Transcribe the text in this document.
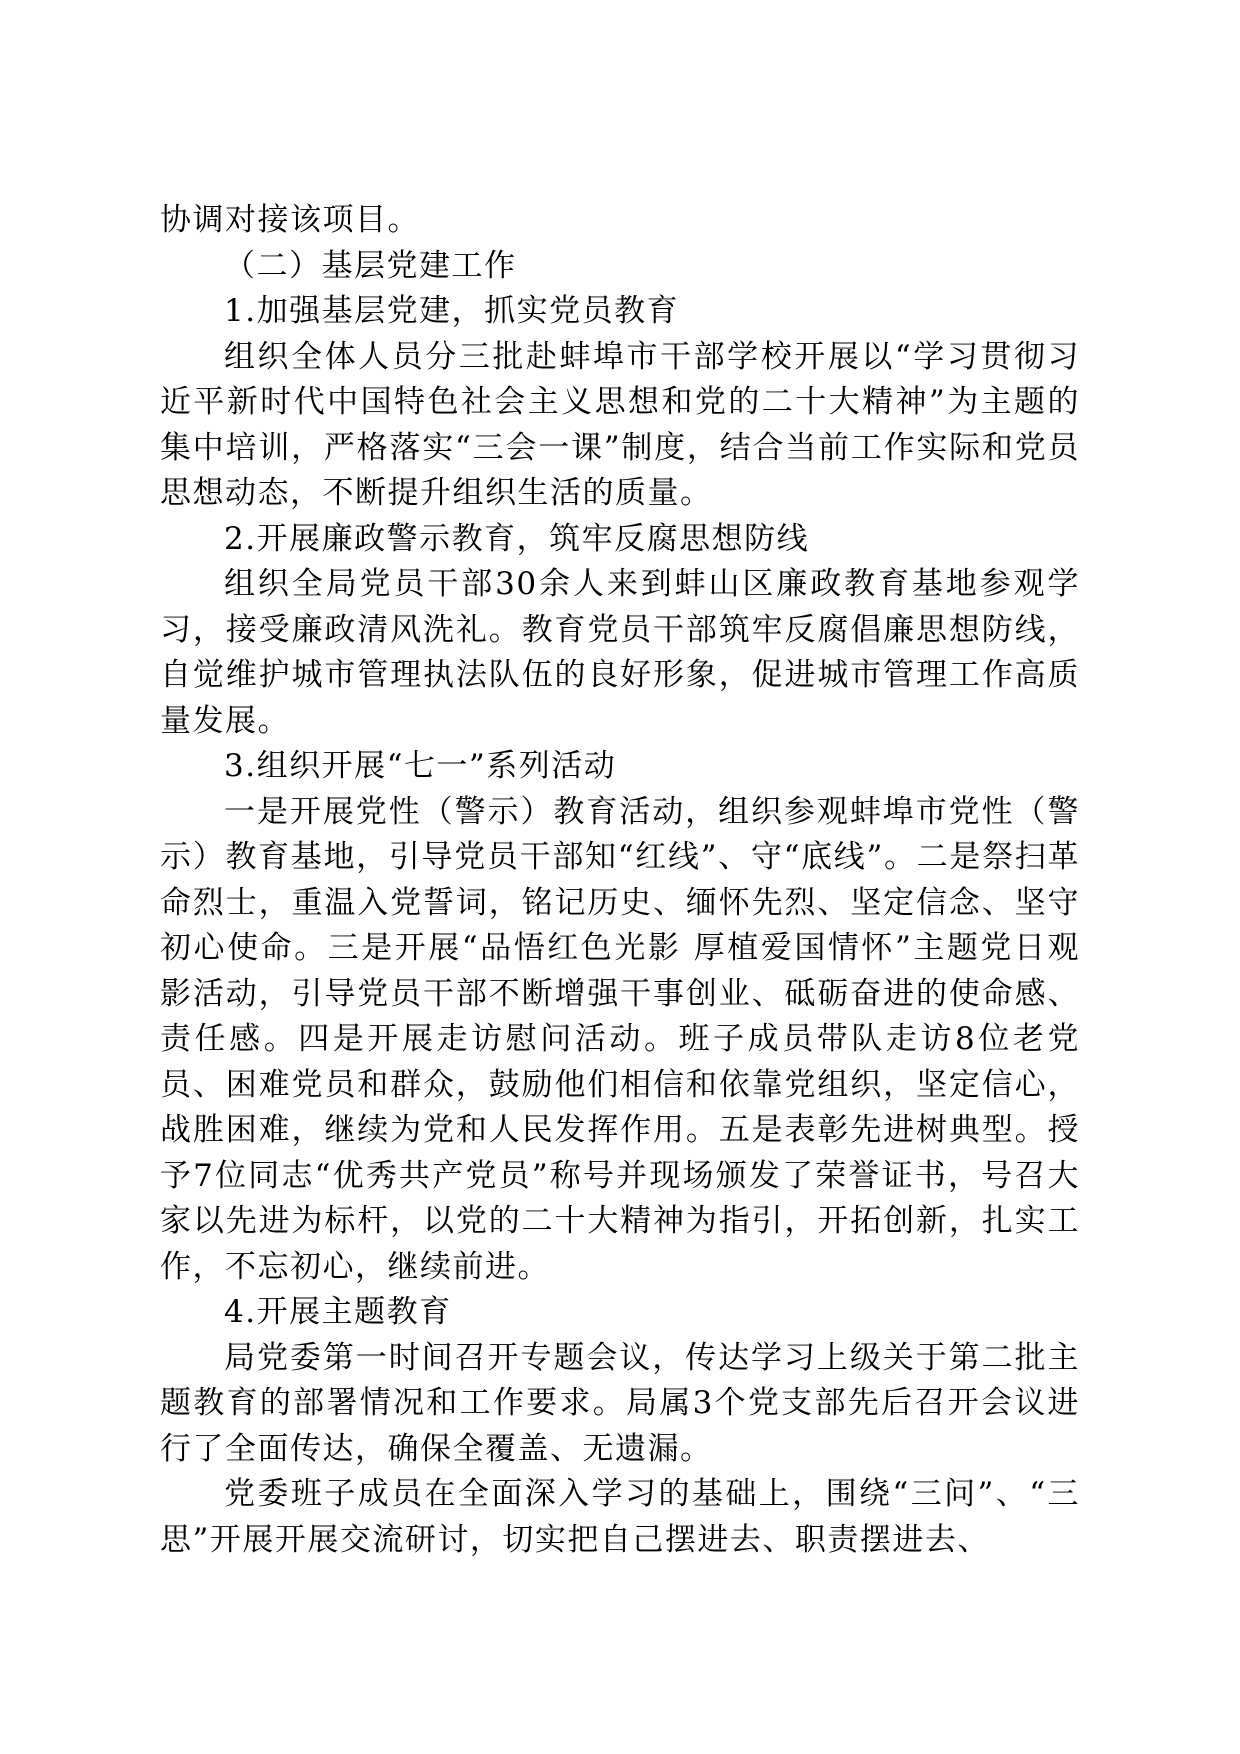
协调对接该项目。

（二）基层党建工作

1.加强基层党建，抓实党员教育

组织全体人员分三批赴蚌埠市干部学校开展以“学习贯彻习近平新时代中国特色社会主义思想和党的二十大精神”为主题的集中培训，严格落实“三会一课”制度，结合当前工作实际和党员思想动态，不断提升组织生活的质量。

2.开展廉政警示教育，筑牢反腐思想防线

组织全局党员干部30余人来到蚌山区廉政教育基地参观学习，接受廉政清风洗礼。教育党员干部筑牢反腐倡廉思想防线，自觉维护城市管理执法队伍的良好形象，促进城市管理工作高质量发展。

3.组织开展“七一”系列活动

一是开展党性（警示）教育活动，组织参观蚌埠市党性（警示）教育基地，引导党员干部知“红线”、守“底线”。二是祭扫革命烈士，重温入党誓词，铭记历史、缅怀先烈、坚定信念、坚守初心使命。三是开展“品悟红色光影 厚植爱国情怀”主题党日观影活动，引导党员干部不断增强干事创业、砥砺奋进的使命感、责任感。四是开展走访慰问活动。班子成员带队走访8位老党员、困难党员和群众，鼓励他们相信和依靠党组织，坚定信心，战胜困难，继续为党和人民发挥作用。五是表彰先进树典型。授予7位同志“优秀共产党员”称号并现场颁发了荣誉证书，号召大家以先进为标杆，以党的二十大精神为指引，开拓创新，扎实工作，不忘初心，继续前进。

4.开展主题教育

局党委第一时间召开专题会议，传达学习上级关于第二批主题教育的部署情况和工作要求。局属3个党支部先后召开会议进行了全面传达，确保全覆盖、无遗漏。

党委班子成员在全面深入学习的基础上，围绕“三问”、“三思”开展开展交流研讨，切实把自己摆进去、职责摆进去、
